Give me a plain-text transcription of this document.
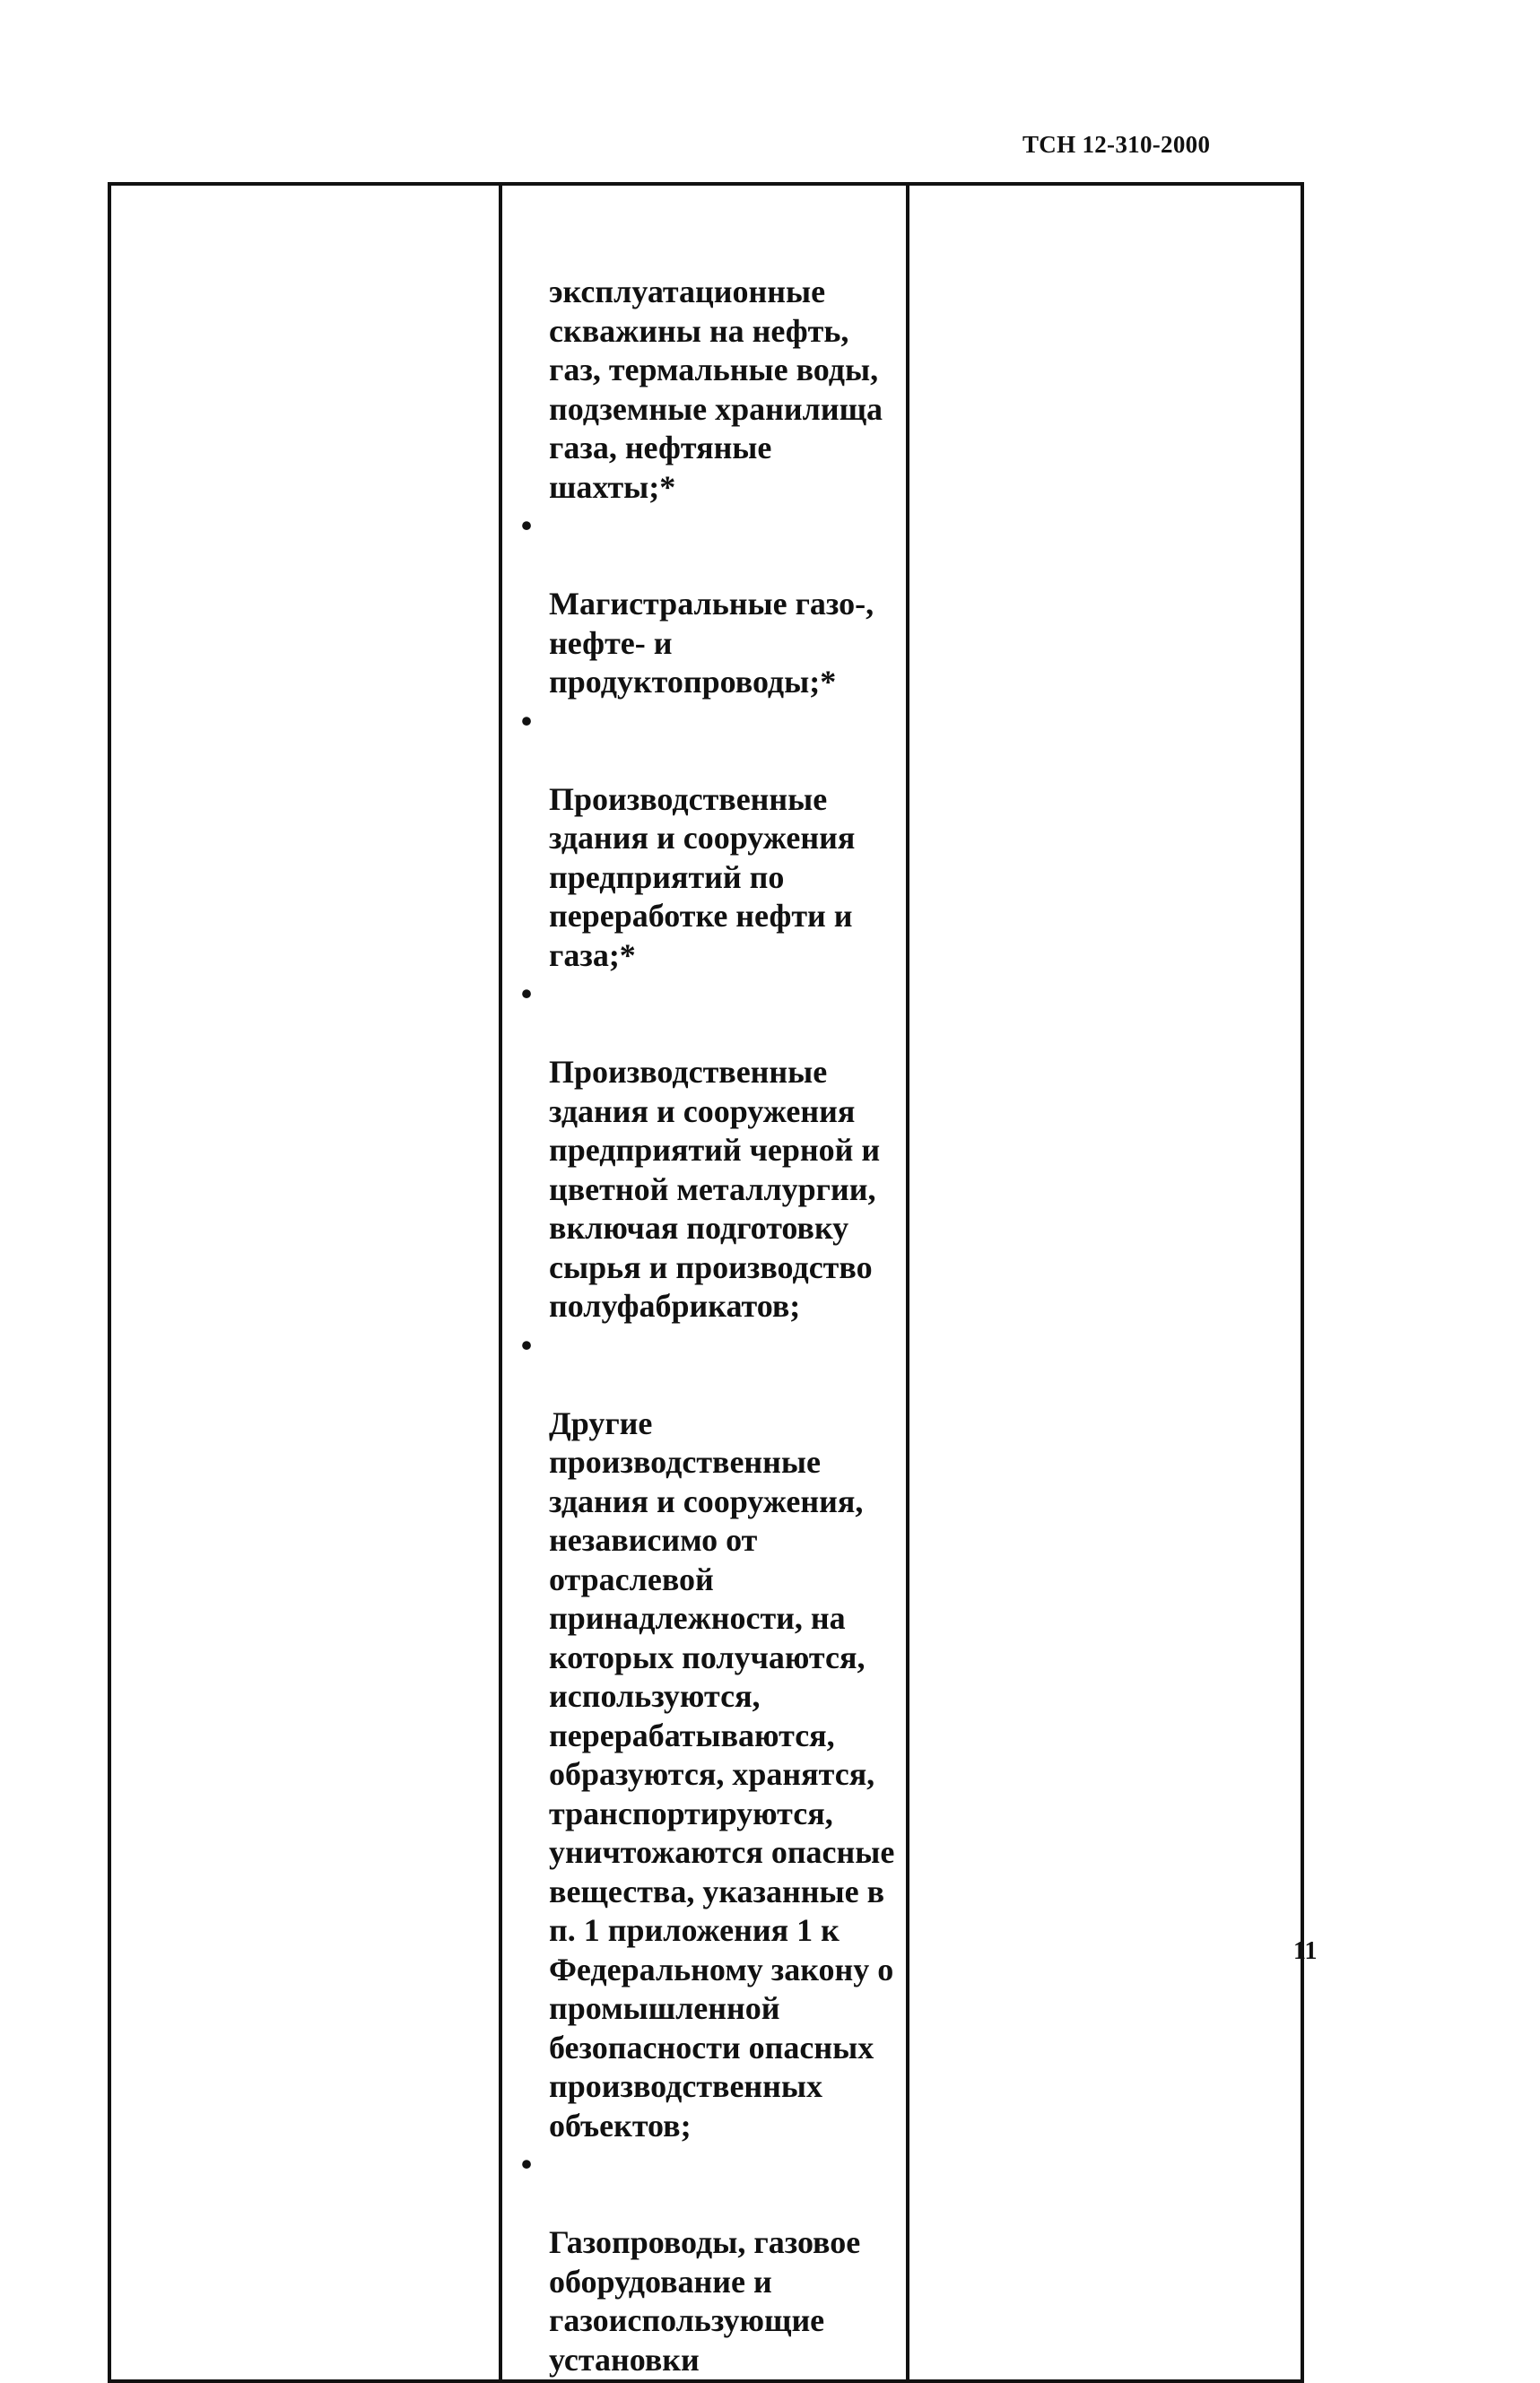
ТСН 12-310-2000

эксплуатационные
скважины на нефть,
газ, термальные воды,
подземные хранилища
газа, нефтяные
шахты;*

•

Магистральные газо-,
нефте- и
продуктопроводы;*

•

Производственные
здания и сооружения
предприятий по
переработке нефти и
газа;*

•

Производственные
здания и сооружения
предприятий черной и
цветной металлургии,
включая подготовку
сырья и производство
полуфабрикатов;

•

Другие
производственные
здания и сооружения,
независимо от
отраслевой
принадлежности, на
которых получаются,
используются,
перерабатываются,
образуются, хранятся,
транспортируются,
уничтожаются опасные
вещества, указанные в
п. 1 приложения 1 к
Федеральному закону о
промышленной
безопасности опасных
производственных
объектов;

•

Газопроводы, газовое
оборудование и
газоиспользующие
установки

11
